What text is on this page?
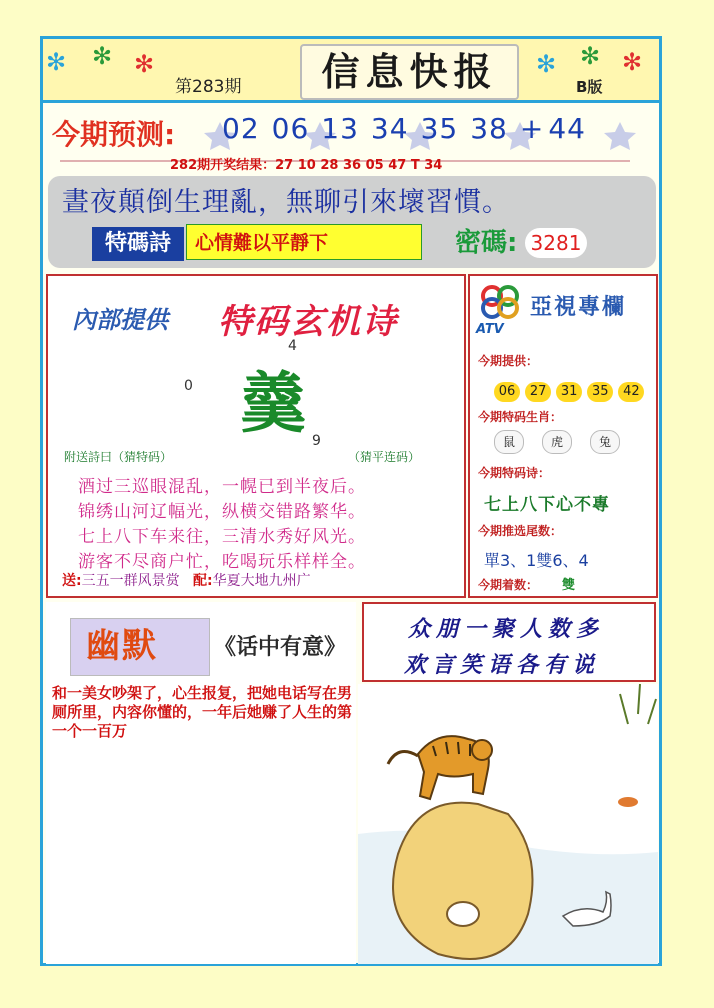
✻ ✻ ✻	✻ ✻ ✻
第283期	信息快报	B版
今期预测: 02 06 13 34 35 38 + 44
282期开奖结果：27 10 28 36 05 47 T 34
晝夜顛倒生理亂，無聊引來壞習慣。
特碼詩	心情難以平靜下	密碼: 3281
內部提供 特码玄机诗
羹
4
0
9
附送詩曰（猜特码）	（猜平连码）
酒过三巡眼混乱，一幌已到半夜后。
锦绣山河辽幅光，纵横交错路繁华。
七上八下车来往，三清水秀好风光。
游客不尽商户忙，吃喝玩乐样样全。
送:三五一群风景赏 配:华夏大地九州广
ATV
亞視專欄
今期提供：
06 27 31 35 42
今期特码生肖：
鼠	虎	兔
今期特码诗：
七上八下心不專
今期推选尾数：
單3、1雙6、4
今期着数： 雙
幽默	《话中有意》
和一美女吵架了，心生报复，把她电话写在男厕所里，内容你懂的，一年后她赚了人生的第一个一百万
众朋一聚人数多
欢言笑语各有说
